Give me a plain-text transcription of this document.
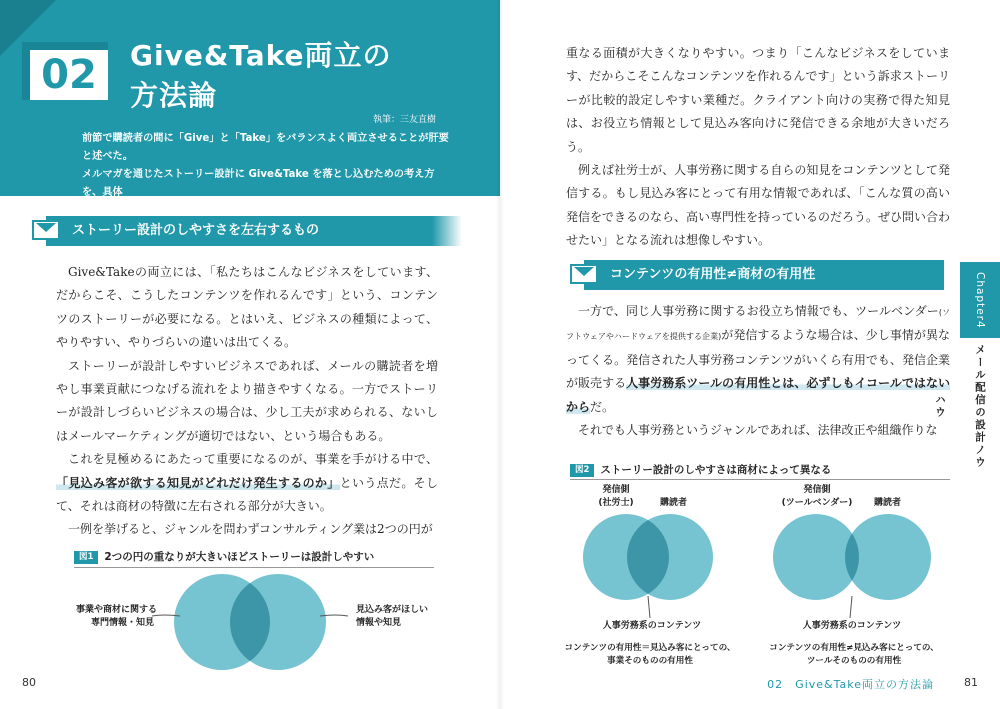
02	Give&Take両立の
方法論
執筆：三友直樹
前節で購読者の間に「Give」と「Take」をバランスよく両立させることが肝要と述べた。
メルマガを通じたストーリー設計に Give&Take を落とし込むための考え方を、具体
的に見ていく。
ストーリー設計のしやすさを左右するもの

Give&Takeの両立には、「私たちはこんなビジネスをしています、だからこそ、こうしたコンテンツを作れるんです」という、コンテンツのストーリーが必要になる。とはいえ、ビジネスの種類によって、やりやすい、やりづらいの違いは出てくる。

ストーリーが設計しやすいビジネスであれば、メールの購読者を増やし事業貢献につなげる流れをより描きやすくなる。一方でストーリーが設計しづらいビジネスの場合は、少し工夫が求められる、ないしはメールマーケティングが適切ではない、という場合もある。

これを見極めるにあたって重要になるのが、事業を手がける中で、「見込み客が欲する知見がどれだけ発生するのか」という点だ。そして、それは商材の特徴に左右される部分が大きい。

一例を挙げると、ジャンルを問わずコンサルティング業は2つの円が

図1 2つの円の重なりが大きいほどストーリーは設計しやすい
事業や商材に関する
専門情報・知見
見込み客がほしい
情報や知見
80

重なる面積が大きくなりやすい。つまり「こんなビジネスをしています、だからこそこんなコンテンツを作れるんです」という訴求ストーリーが比較的設定しやすい業種だ。クライアント向けの実務で得た知見は、お役立ち情報として見込み客向けに発信できる余地が大きいだろう。

例えば社労士が、人事労務に関する自らの知見をコンテンツとして発信する。もし見込み客にとって有用な情報であれば、「こんな質の高い発信をできるのなら、高い専門性を持っているのだろう。ぜひ問い合わせたい」となる流れは想像しやすい。

コンテンツの有用性≠商材の有用性

一方で、同じ人事労務に関するお役立ち情報でも、ツールベンダー(ソフトウェアやハードウェアを提供する企業)が発信するような場合は、少し事情が異なってくる。発信された人事労務コンテンツがいくら有用でも、発信企業が販売する人事労務系ツールの有用性とは、必ずしもイコールではないからだ。

それでも人事労務というジャンルであれば、法律改正や組織作りな

図2 ストーリー設計のしやすさは商材によって異なる
発信側
(社労士)	購読者
人事労務系のコンテンツ
コンテンツの有用性＝見込み客にとっての、
事業そのものの有用性
発信側
(ツールベンダー)	購読者
人事労務系のコンテンツ
コンテンツの有用性≠見込み客にとっての、
ツールそのものの有用性
Chapter4
メール配信の設計ノウハウ
02　Give&Take両立の方法論	81
